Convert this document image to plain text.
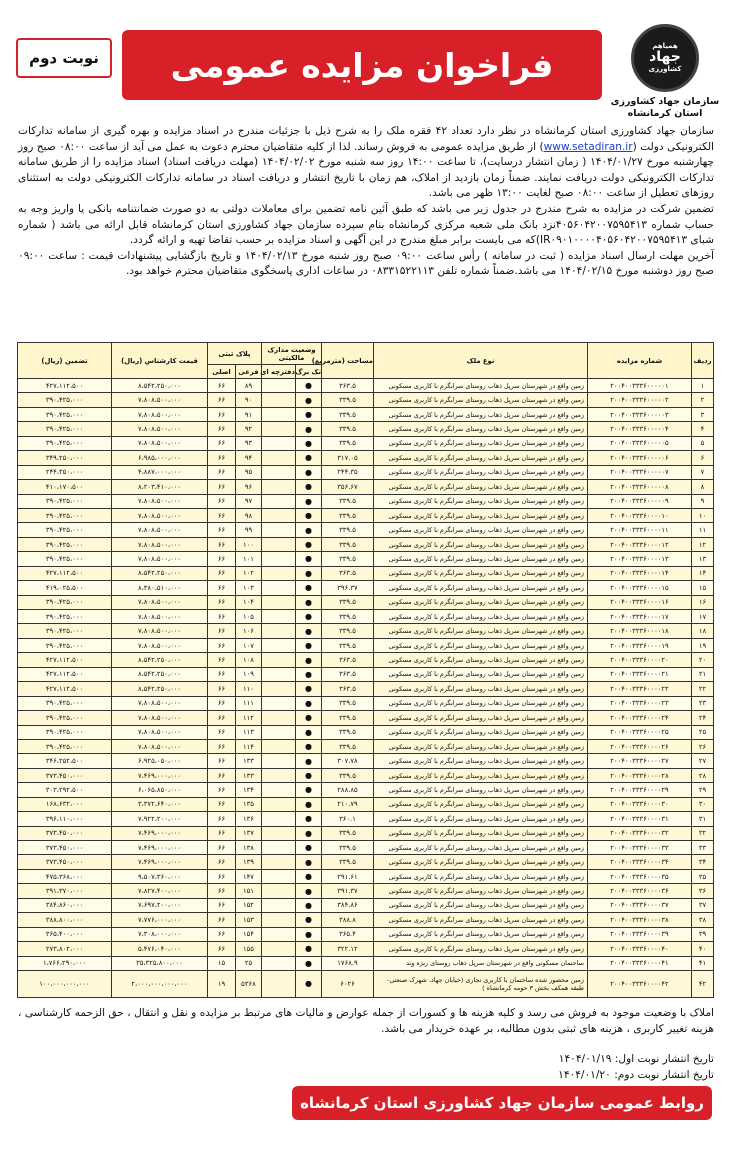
همیاهم
جهاد
کشاورزی
سازمان جهاد کشاورزی
استان کرمانشاه
فراخوان مزایده عمومی
نوبت دوم

سازمان جهاد کشاورزی استان کرمانشاه در نظر دارد تعداد ۴۲ فقره ملک را به شرح ذیل با جزئیات مندرج در اسناد مزایده و بهره گیری از سامانه تدارکات الکترونیکی دولت (www.setadiran.ir) از طریق مزایده عمومی به فروش رساند. لذا از کلیه متقاضیان محترم دعوت به عمل می آید از ساعت ۰۸:۰۰ صبح روز چهارشنبه مورخ ۱۴۰۴/۰۱/۲۷ ( زمان انتشار درسایت)، تا ساعت ۱۴:۰۰ روز سه شنبه مورخ ۱۴۰۴/۰۲/۰۲ (مهلت دریافت اسناد) اسناد مزایده را از طریق سامانه تدارکات الکترونیکی دولت دریافت نمایند. ضمناً زمان بازدید از املاک، هم زمان با تاریخ انتشار و دریافت اسناد در سامانه تدارکات الکترونیکی دولت به استثنای روزهای تعطیل از ساعت ۰۸:۰۰ صبح لغایت ۱۳:۰۰ ظهر می باشد.

تضمین شرکت در مزایده به شرح مندرج در جدول زیر می باشد که طبق آئین نامه تضمین برای معاملات دولتی به دو صورت ضمانتنامه بانکی یا واریز وجه به حساب شماره ۴۰۵۶۰۴۲۰۰۷۵۹۵۴۱۳نزد بانک ملی شعبه مرکزی کرمانشاه بنام سپرده سازمان جهاد کشاورزی استان کرمانشاه قابل ارائه می باشد ( شماره شبای IR۰۹۰۱۰۰۰۰۴۰۵۶۰۴۲۰۰۷۵۹۵۴۱۳)که می بایست برابر مبلغ مندرج در این آگهی و اسناد مزایده بر حسب تقاضا تهیه و ارائه گردد.

آخرین مهلت ارسال اسناد مزایده ( ثبت در سامانه ) رأس ساعت ۰۹:۰۰ صبح روز شنبه مورخ ۱۴۰۴/۰۲/۱۳ و تاریخ بازگشایی پیشنهادات قیمت : ساعت ۰۹:۰۰ صبح روز دوشنبه مورخ ۱۴۰۴/۰۲/۱۵ می باشد.ضمناً شماره تلفن ۰۸۳۳۱۵۲۲۱۱۳ در ساعات اداری پاسخگوی متقاضیان محترم خواهد بود.

ردیف	شماره مزایده	نوع ملک	مساحت (مترمربع)	وضعیت مدارک مالکیتی		پلاک ثبتی		قیمت کارشناس (ریال)	تضمین (ریال)
				تک برگ	دفترچه ای	فرعی	اصلی		
۱	۲۰۰۴۰۰۳۳۳۶۰۰۰۰۰۱	زمین واقع در شهرستان سرپل ذهاب روستای سرابگرم با کاربری مسکونی	۳۶۳.۵	●		۸۹	۶۶	۸،۵۴۲،۲۵۰،۰۰۰	۴۲۷،۱۱۲،۵۰۰
۲	۲۰۰۴۰۰۳۳۳۶۰۰۰۰۰۲	زمین واقع در شهرستان سرپل ذهاب روستای سرابگرم با کاربری مسکونی	۳۳۹.۵	●		۹۰	۶۶	۷،۸۰۸،۵۰۰،۰۰۰	۳۹۰،۴۲۵،۰۰۰
۳	۲۰۰۴۰۰۳۳۳۶۰۰۰۰۰۳	زمین واقع در شهرستان سرپل ذهاب روستای سرابگرم با کاربری مسکونی	۳۳۹.۵	●		۹۱	۶۶	۷،۸۰۸،۵۰۰،۰۰۰	۳۹۰،۴۲۵،۰۰۰
۴	۲۰۰۴۰۰۳۳۳۶۰۰۰۰۰۴	زمین واقع در شهرستان سرپل ذهاب روستای سرابگرم با کاربری مسکونی	۳۳۹.۵	●		۹۲	۶۶	۷،۸۰۸،۵۰۰،۰۰۰	۳۹۰،۴۲۵،۰۰۰
۵	۲۰۰۴۰۰۳۳۳۶۰۰۰۰۰۵	زمین واقع در شهرستان سرپل ذهاب روستای سرابگرم با کاربری مسکونی	۳۳۹.۵	●		۹۳	۶۶	۷،۸۰۸،۵۰۰،۰۰۰	۳۹۰،۴۲۵،۰۰۰
۶	۲۰۰۴۰۰۳۳۳۶۰۰۰۰۰۶	زمین واقع در شهرستان سرپل ذهاب روستای سرابگرم با کاربری مسکونی	۳۱۷.۰۵	●		۹۴	۶۶	۶،۹۸۵،۰۰۰،۰۰۰	۳۴۹،۲۵۰،۰۰۰
۷	۲۰۰۴۰۰۳۳۳۶۰۰۰۰۰۷	زمین واقع در شهرستان سرپل ذهاب روستای سرابگرم با کاربری مسکونی	۲۴۴.۳۵	●		۹۵	۶۶	۴،۸۸۷،۰۰۰،۰۰۰	۲۴۴،۳۵۰،۰۰۰
۸	۲۰۰۴۰۰۳۳۳۶۰۰۰۰۰۸	زمین واقع در شهرستان سرپل ذهاب روستای سرابگرم با کاربری مسکونی	۳۵۶.۶۷	●		۹۶	۶۶	۸،۲۰۳،۴۱۰،۰۰۰	۴۱۰،۱۷۰،۵۰۰
۹	۲۰۰۴۰۰۳۳۳۶۰۰۰۰۰۹	زمین واقع در شهرستان سرپل ذهاب روستای سرابگرم با کاربری مسکونی	۳۳۹.۵	●		۹۷	۶۶	۷،۸۰۸،۵۰۰،۰۰۰	۳۹۰،۴۲۵،۰۰۰
۱۰	۲۰۰۴۰۰۳۳۳۶۰۰۰۰۱۰	زمین واقع در شهرستان سرپل ذهاب روستای سرابگرم با کاربری مسکونی	۳۳۹.۵	●		۹۸	۶۶	۷،۸۰۸،۵۰۰،۰۰۰	۳۹۰،۴۲۵،۰۰۰
۱۱	۲۰۰۴۰۰۳۳۳۶۰۰۰۰۱۱	زمین واقع در شهرستان سرپل ذهاب روستای سرابگرم با کاربری مسکونی	۳۳۹.۵	●		۹۹	۶۶	۷،۸۰۸،۵۰۰،۰۰۰	۳۹۰،۴۲۵،۰۰۰
۱۲	۲۰۰۴۰۰۳۳۳۶۰۰۰۰۱۲	زمین واقع در شهرستان سرپل ذهاب روستای سرابگرم با کاربری مسکونی	۳۳۹.۵	●		۱۰۰	۶۶	۷،۸۰۸،۵۰۰،۰۰۰	۳۹۰،۴۲۵،۰۰۰
۱۳	۲۰۰۴۰۰۳۳۳۶۰۰۰۰۱۳	زمین واقع در شهرستان سرپل ذهاب روستای سرابگرم با کاربری مسکونی	۳۳۹.۵	●		۱۰۱	۶۶	۷،۸۰۸،۵۰۰،۰۰۰	۳۹۰،۴۲۵،۰۰۰
۱۴	۲۰۰۴۰۰۳۳۳۶۰۰۰۰۱۴	زمین واقع در شهرستان سرپل ذهاب روستای سرابگرم با کاربری مسکونی	۳۶۳.۵	●		۱۰۲	۶۶	۸،۵۴۲،۲۵۰،۰۰۰	۴۲۷،۱۱۲،۵۰۰
۱۵	۲۰۰۴۰۰۳۳۳۶۰۰۰۰۱۵	زمین واقع در شهرستان سرپل ذهاب روستای سرابگرم با کاربری مسکونی	۳۹۶.۳۷	●		۱۰۳	۶۶	۸،۳۸۰،۵۱۰،۰۰۰	۴۱۹،۰۲۵،۵۰۰
۱۶	۲۰۰۴۰۰۳۳۳۶۰۰۰۰۱۶	زمین واقع در شهرستان سرپل ذهاب روستای سرابگرم با کاربری مسکونی	۳۳۹.۵	●		۱۰۴	۶۶	۷،۸۰۸،۵۰۰،۰۰۰	۳۹۰،۴۲۵،۰۰۰
۱۷	۲۰۰۴۰۰۳۳۳۶۰۰۰۰۱۷	زمین واقع در شهرستان سرپل ذهاب روستای سرابگرم با کاربری مسکونی	۳۳۹.۵	●		۱۰۵	۶۶	۷،۸۰۸،۵۰۰،۰۰۰	۳۹۰،۴۲۵،۰۰۰
۱۸	۲۰۰۴۰۰۳۳۳۶۰۰۰۰۱۸	زمین واقع در شهرستان سرپل ذهاب روستای سرابگرم با کاربری مسکونی	۳۳۹.۵	●		۱۰۶	۶۶	۷،۸۰۸،۵۰۰،۰۰۰	۳۹۰،۴۲۵،۰۰۰
۱۹	۲۰۰۴۰۰۳۳۳۶۰۰۰۰۱۹	زمین واقع در شهرستان سرپل ذهاب روستای سرابگرم با کاربری مسکونی	۳۳۹.۵	●		۱۰۷	۶۶	۷،۸۰۸،۵۰۰،۰۰۰	۳۹۰،۴۲۵،۰۰۰
۲۰	۲۰۰۴۰۰۳۳۳۶۰۰۰۰۲۰	زمین واقع در شهرستان سرپل ذهاب روستای سرابگرم با کاربری مسکونی	۳۶۳.۵	●		۱۰۸	۶۶	۸،۵۴۲،۲۵۰،۰۰۰	۴۲۷،۱۱۲،۵۰۰
۲۱	۲۰۰۴۰۰۳۳۳۶۰۰۰۰۲۱	زمین واقع در شهرستان سرپل ذهاب روستای سرابگرم با کاربری مسکونی	۳۶۳.۵	●		۱۰۹	۶۶	۸،۵۴۲،۲۵۰،۰۰۰	۴۲۷،۱۱۲،۵۰۰
۲۲	۲۰۰۴۰۰۳۳۳۶۰۰۰۰۲۲	زمین واقع در شهرستان سرپل ذهاب روستای سرابگرم با کاربری مسکونی	۳۶۳.۵	●		۱۱۰	۶۶	۸،۵۴۲،۲۵۰،۰۰۰	۴۲۷،۱۱۲،۵۰۰
۲۳	۲۰۰۴۰۰۳۳۳۶۰۰۰۰۲۳	زمین واقع در شهرستان سرپل ذهاب روستای سرابگرم با کاربری مسکونی	۳۳۹.۵	●		۱۱۱	۶۶	۷،۸۰۸،۵۰۰،۰۰۰	۳۹۰،۴۲۵،۰۰۰
۲۴	۲۰۰۴۰۰۳۳۳۶۰۰۰۰۲۴	زمین واقع در شهرستان سرپل ذهاب روستای سرابگرم با کاربری مسکونی	۳۳۹.۵	●		۱۱۲	۶۶	۷،۸۰۸،۵۰۰،۰۰۰	۳۹۰،۴۲۵،۰۰۰
۲۵	۲۰۰۴۰۰۳۳۳۶۰۰۰۰۲۵	زمین واقع در شهرستان سرپل ذهاب روستای سرابگرم با کاربری مسکونی	۳۳۹.۵	●		۱۱۳	۶۶	۷،۸۰۸،۵۰۰،۰۰۰	۳۹۰،۴۲۵،۰۰۰
۲۶	۲۰۰۴۰۰۳۳۳۶۰۰۰۰۲۶	زمین واقع در شهرستان سرپل ذهاب روستای سرابگرم با کاربری مسکونی	۳۳۹.۵	●		۱۱۴	۶۶	۷،۸۰۸،۵۰۰،۰۰۰	۳۹۰،۴۲۵،۰۰۰
۲۷	۲۰۰۴۰۰۳۳۳۶۰۰۰۰۲۷	زمین واقع در شهرستان سرپل ذهاب روستای سرابگرم با کاربری مسکونی	۳۰۷.۷۸	●		۱۳۳	۶۶	۶،۹۲۵،۰۵۰،۰۰۰	۳۴۶،۲۵۲،۵۰۰
۲۸	۲۰۰۴۰۰۳۳۳۶۰۰۰۰۲۸	زمین واقع در شهرستان سرپل ذهاب روستای سرابگرم با کاربری مسکونی	۳۳۹.۵	●		۱۳۳	۶۶	۷،۴۶۹،۰۰۰،۰۰۰	۳۷۳،۴۵۰،۰۰۰
۲۹	۲۰۰۴۰۰۳۳۳۶۰۰۰۰۲۹	زمین واقع در شهرستان سرپل ذهاب روستای سرابگرم با کاربری مسکونی	۲۸۸.۸۵	●		۱۳۴	۶۶	۶،۰۶۵،۸۵۰،۰۰۰	۳۰۳،۲۹۲،۵۰۰
۳۰	۲۰۰۴۰۰۳۳۳۶۰۰۰۰۳۰	زمین واقع در شهرستان سرپل ذهاب روستای سرابگرم با کاربری مسکونی	۲۱۰.۷۹	●		۱۳۵	۶۶	۳،۳۷۲،۶۴۰،۰۰۰	۱۶۸،۶۳۲،۰۰۰
۳۱	۲۰۰۴۰۰۳۳۳۶۰۰۰۰۳۱	زمین واقع در شهرستان سرپل ذهاب روستای سرابگرم با کاربری مسکونی	۳۶۰.۱	●		۱۳۶	۶۶	۷،۹۲۲،۲۰۰،۰۰۰	۳۹۶،۱۱۰،۰۰۰
۳۲	۲۰۰۴۰۰۳۳۳۶۰۰۰۰۳۲	زمین واقع در شهرستان سرپل ذهاب روستای سرابگرم با کاربری مسکونی	۳۳۹.۵	●		۱۳۷	۶۶	۷،۴۶۹،۰۰۰،۰۰۰	۳۷۳،۴۵۰،۰۰۰
۳۳	۲۰۰۴۰۰۳۳۳۶۰۰۰۰۳۳	زمین واقع در شهرستان سرپل ذهاب روستای سرابگرم با کاربری مسکونی	۳۳۹.۵	●		۱۳۸	۶۶	۷،۴۶۹،۰۰۰،۰۰۰	۳۷۳،۴۵۰،۰۰۰
۳۴	۲۰۰۴۰۰۳۳۳۶۰۰۰۰۳۴	زمین واقع در شهرستان سرپل ذهاب روستای سرابگرم با کاربری مسکونی	۳۳۹.۵	●		۱۳۹	۶۶	۷،۴۶۹،۰۰۰،۰۰۰	۳۷۳،۴۵۰،۰۰۰
۳۵	۲۰۰۴۰۰۳۳۳۶۰۰۰۰۳۵	زمین واقع در شهرستان سرپل ذهاب روستای سرابگرم با کاربری مسکونی	۲۹۱.۶۱	●		۱۴۷	۶۶	۹،۵۰۷،۳۶۰،۰۰۰	۴۷۵،۳۶۸،۰۰۰
۳۶	۲۰۰۴۰۰۳۳۳۶۰۰۰۰۳۶	زمین واقع در شهرستان سرپل ذهاب روستای سرابگرم با کاربری مسکونی	۳۹۱.۳۷	●		۱۵۱	۶۶	۷،۸۲۷،۴۰۰،۰۰۰	۳۹۱،۳۷۰،۰۰۰
۳۷	۲۰۰۴۰۰۳۳۳۶۰۰۰۰۳۷	زمین واقع در شهرستان سرپل ذهاب روستای سرابگرم با کاربری مسکونی	۳۸۴.۸۶	●		۱۵۲	۶۶	۷،۶۹۷،۲۰۰،۰۰۰	۳۸۴،۸۶۰،۰۰۰
۳۸	۲۰۰۴۰۰۳۳۳۶۰۰۰۰۳۸	زمین واقع در شهرستان سرپل ذهاب روستای سرابگرم با کاربری مسکونی	۳۸۸.۸	●		۱۵۳	۶۶	۷،۷۷۶،۰۰۰،۰۰۰	۳۸۸،۸۰۰،۰۰۰
۳۹	۲۰۰۴۰۰۳۳۳۶۰۰۰۰۳۹	زمین واقع در شهرستان سرپل ذهاب روستای سرابگرم با کاربری مسکونی	۳۶۵.۴	●		۱۵۴	۶۶	۷،۳۰۸،۰۰۰،۰۰۰	۳۶۵،۴۰۰،۰۰۰
۴۰	۲۰۰۴۰۰۳۳۳۶۰۰۰۰۴۰	زمین واقع در شهرستان سرپل ذهاب روستای سرابگرم با کاربری مسکونی	۳۲۲.۱۲	●		۱۵۵	۶۶	۵،۴۷۶،۰۴۰،۰۰۰	۲۷۳،۸۰۲،۰۰۰
۴۱	۲۰۰۴۰۰۳۳۳۶۰۰۰۰۴۱	ساختمان مسکونی واقع در شهرستان سرپل ذهاب روستای ریژه وند	۱۷۶۸.۹	●		۲۵	۱۵	۳۵،۳۲۵،۸۰۰،۰۰۰	۱،۷۶۶،۲۹۰،۰۰۰
۴۲	۲۰۰۴۰۰۳۳۳۶۰۰۰۰۴۲	زمین محصور شده ساختمان با کاربری تجاری (خیابان جهاد، شهرک صنعتی- طبقه همکف بخش ۳ حومه کرمانشاه )	۶۰۲۶	●		۵۳۶۸	۱۹	۲،۰۰۰،۰۰۰،۰۰۰،۰۰۰	۱۰۰،۰۰۰،۰۰۰،۰۰۰

املاک با وضعیت موجود به فروش می رسد و کلیه هزینه ها و کسورات از جمله عوارض و مالیات های مرتبط بر مزایده و نقل و انتقال ، حق الزحمه کارشناسی ، هزینه تغییر کاربری ، هزینه های ثبتی بدون مطالبه، بر عهده خریدار می باشد.

تاریخ انتشار نوبت اول: ۱۴۰۴/۰۱/۱۹

تاریخ انتشار نوبت دوم: ۱۴۰۴/۰۱/۲۰

روابط عمومی سازمان جهاد کشاورزی استان کرمانشاه
